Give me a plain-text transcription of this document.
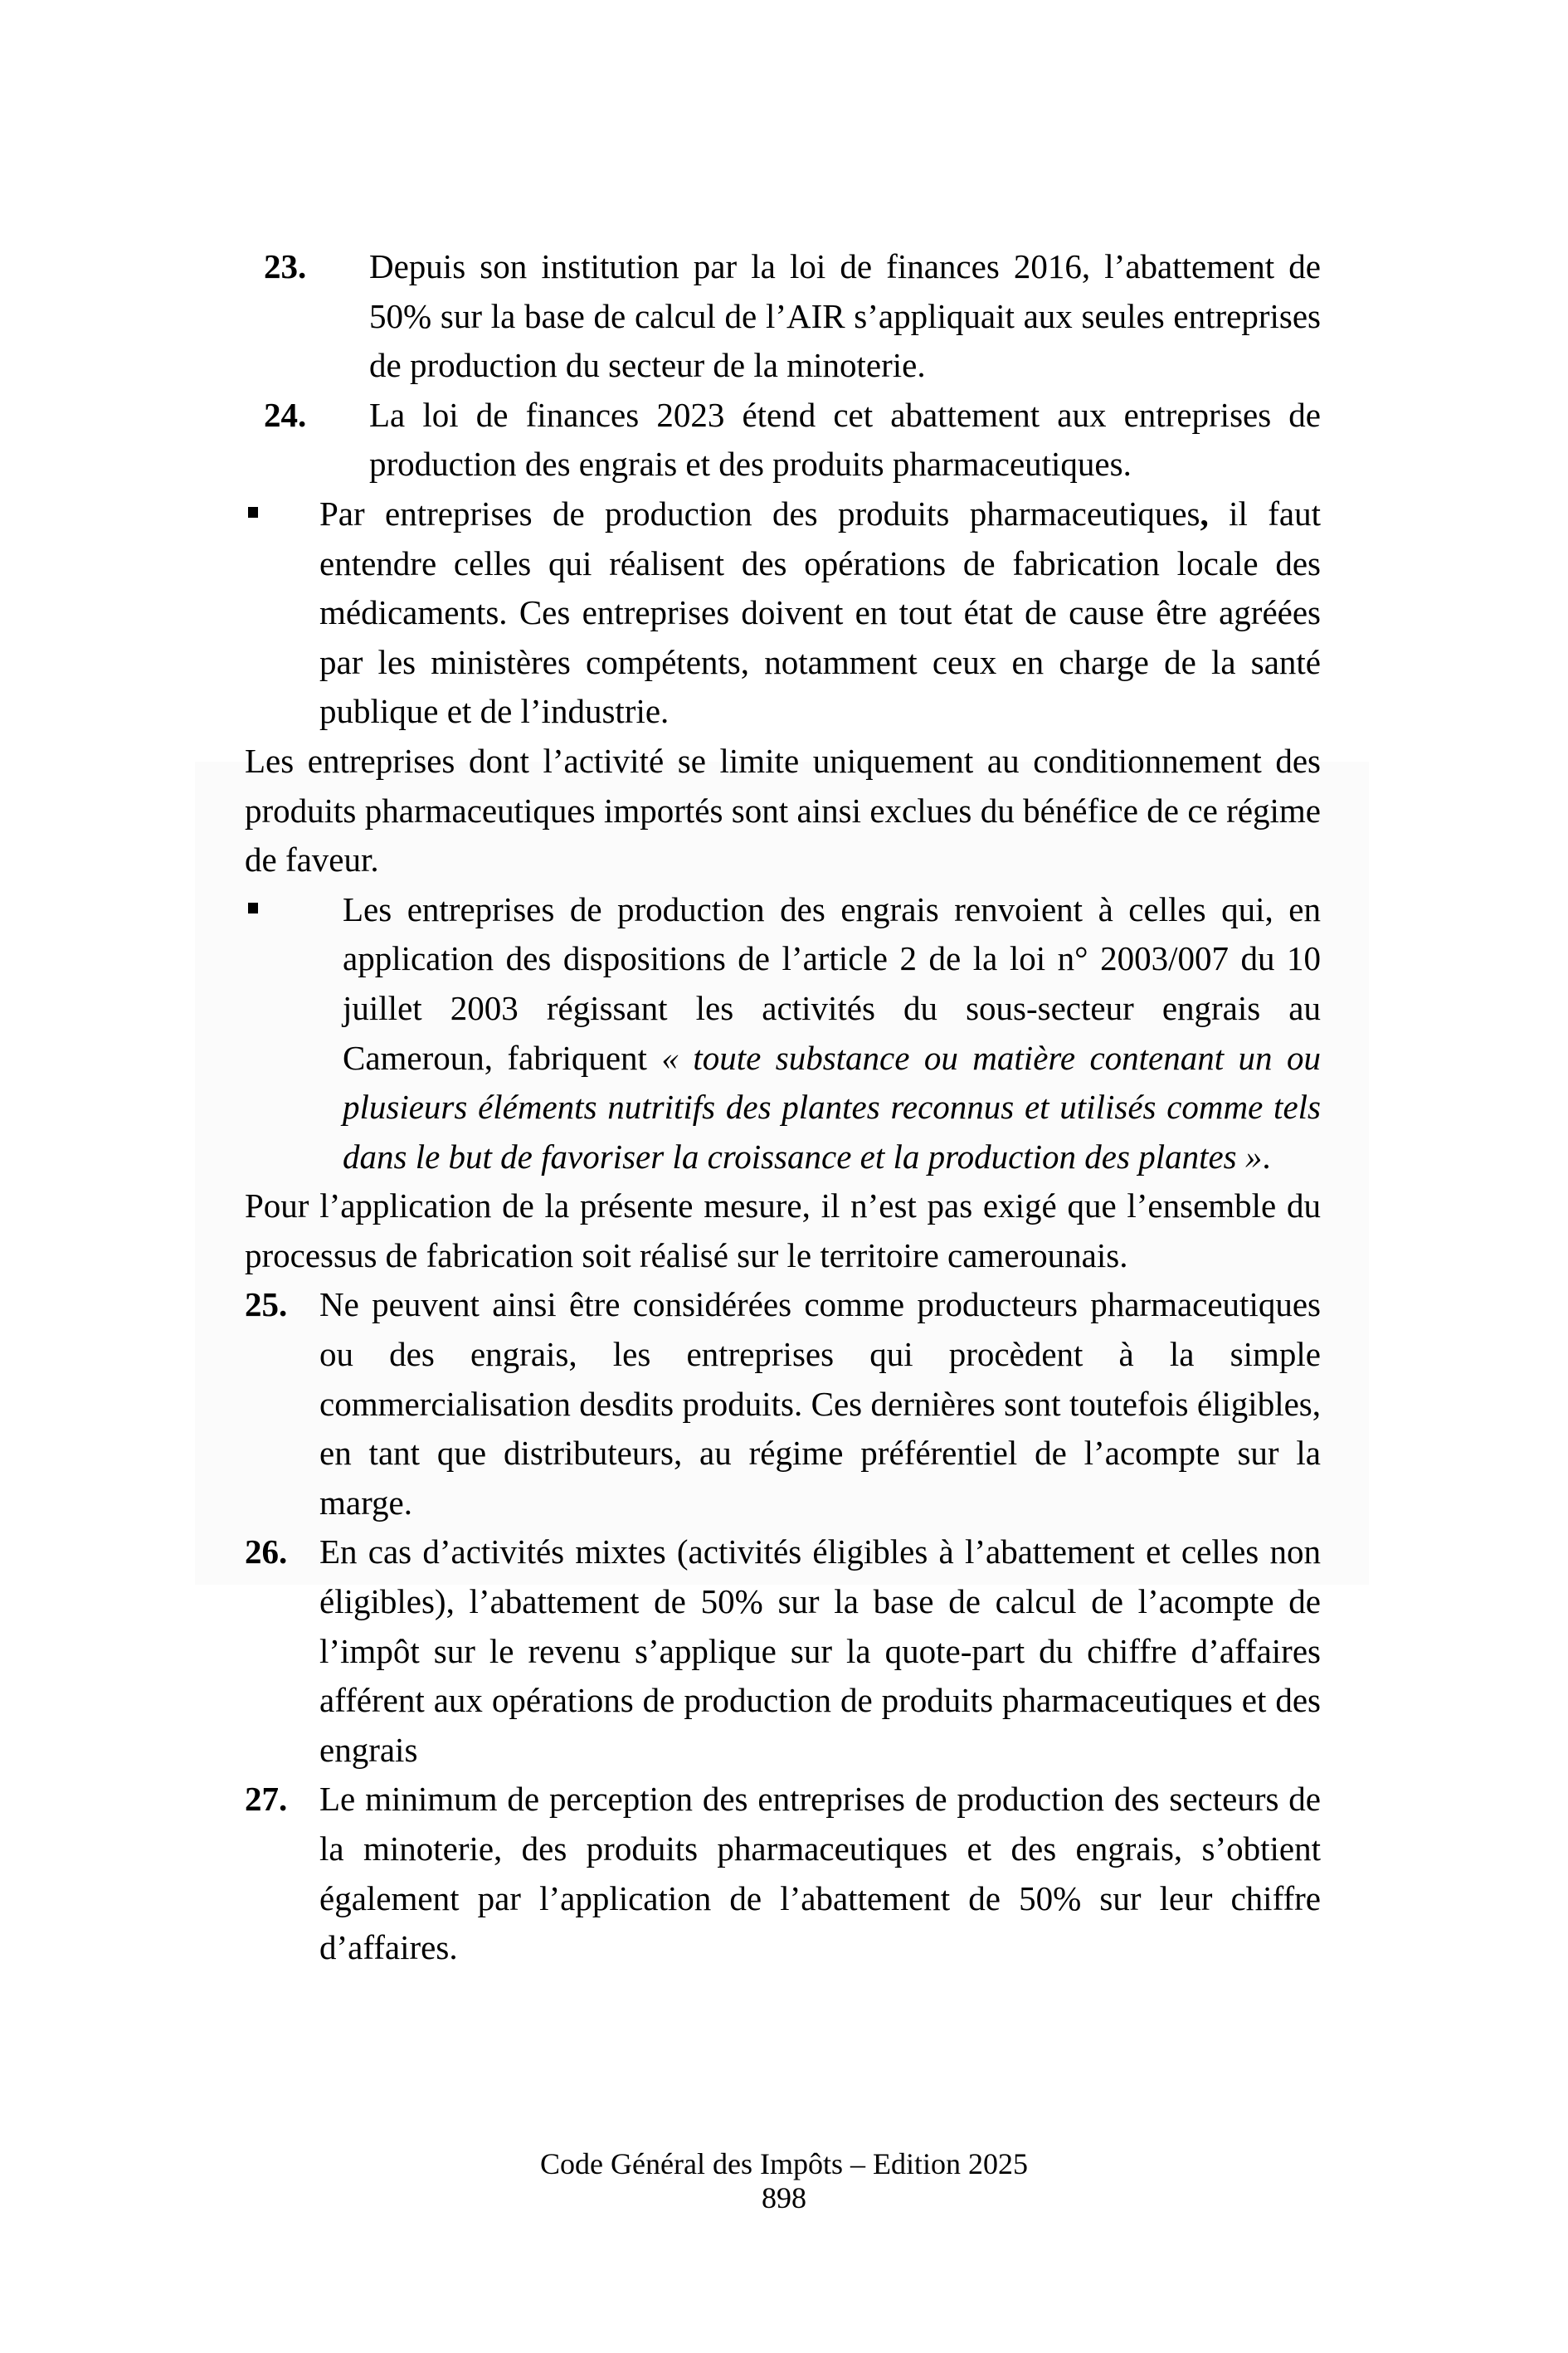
23. Depuis son institution par la loi de finances 2016, l’abattement de 50% sur la base de calcul de l’AIR s’appliquait aux seules entreprises de production du secteur de la minoterie.
24. La loi de finances 2023 étend cet abattement aux entreprises de production des engrais et des produits pharmaceutiques.
Par entreprises de production des produits pharmaceutiques, il faut entendre celles qui réalisent des opérations de fabrication locale des médicaments. Ces entreprises doivent en tout état de cause être agréées par les ministères compétents, notamment ceux en charge de la santé publique et de l’industrie.

Les entreprises dont l’activité se limite uniquement au conditionnement des produits pharmaceutiques importés sont ainsi exclues du bénéfice de ce régime de faveur.

Les entreprises de production des engrais renvoient à celles qui, en application des dispositions de l’article 2 de la loi n° 2003/007 du 10 juillet 2003 régissant les activités du sous-secteur engrais au Cameroun, fabriquent « toute substance ou matière contenant un ou plusieurs éléments nutritifs des plantes reconnus et utilisés comme tels dans le but de favoriser la croissance et la production des plantes ».

Pour l’application de la présente mesure, il n’est pas exigé que l’ensemble du processus de fabrication soit réalisé sur le territoire camerounais.

25. Ne peuvent ainsi être considérées comme producteurs pharmaceutiques ou des engrais, les entreprises qui procèdent à la simple commercialisation desdits produits. Ces dernières sont toutefois éligibles, en tant que distributeurs, au régime préférentiel de l’acompte sur la marge.
26. En cas d’activités mixtes (activités éligibles à l’abattement et celles non éligibles), l’abattement de 50% sur la base de calcul de l’acompte de l’impôt sur le revenu s’applique sur la quote-part du chiffre d’affaires afférent aux opérations de production de produits pharmaceutiques et des engrais
27. Le minimum de perception des entreprises de production des secteurs de la minoterie, des produits pharmaceutiques et des engrais, s’obtient également par l’application de l’abattement de 50% sur leur chiffre d’affaires.
Code Général des Impôts – Edition 2025
898
